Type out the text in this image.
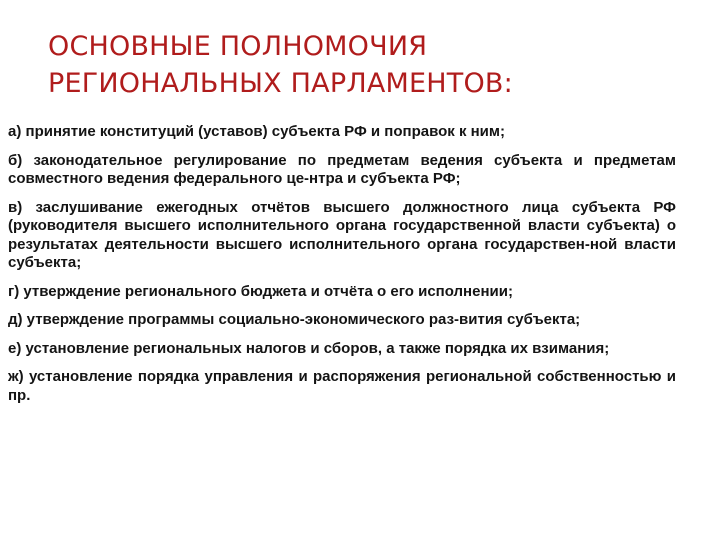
ОСНОВНЫЕ ПОЛНОМОЧИЯ
РЕГИОНАЛЬНЫХ ПАРЛАМЕНТОВ:

а) принятие конституций (уставов) субъекта РФ и поправок к ним;

б) законодательное регулирование по предметам ведения субъекта и предметам совместного ведения федерального це-нтра и субъекта РФ;

в) заслушивание ежегодных отчётов высшего должностного лица субъекта РФ (руководителя высшего исполнительного органа государственной власти субъекта) о результатах деятельности высшего исполнительного органа государствен-ной власти субъекта;

г) утверждение регионального бюджета и отчёта о его исполнении;

д) утверждение программы социально-экономического раз-вития субъекта;

е) установление региональных налогов и сборов, а также порядка их взимания;

ж) установление порядка управления и распоряжения региональной собственностью и пр.
